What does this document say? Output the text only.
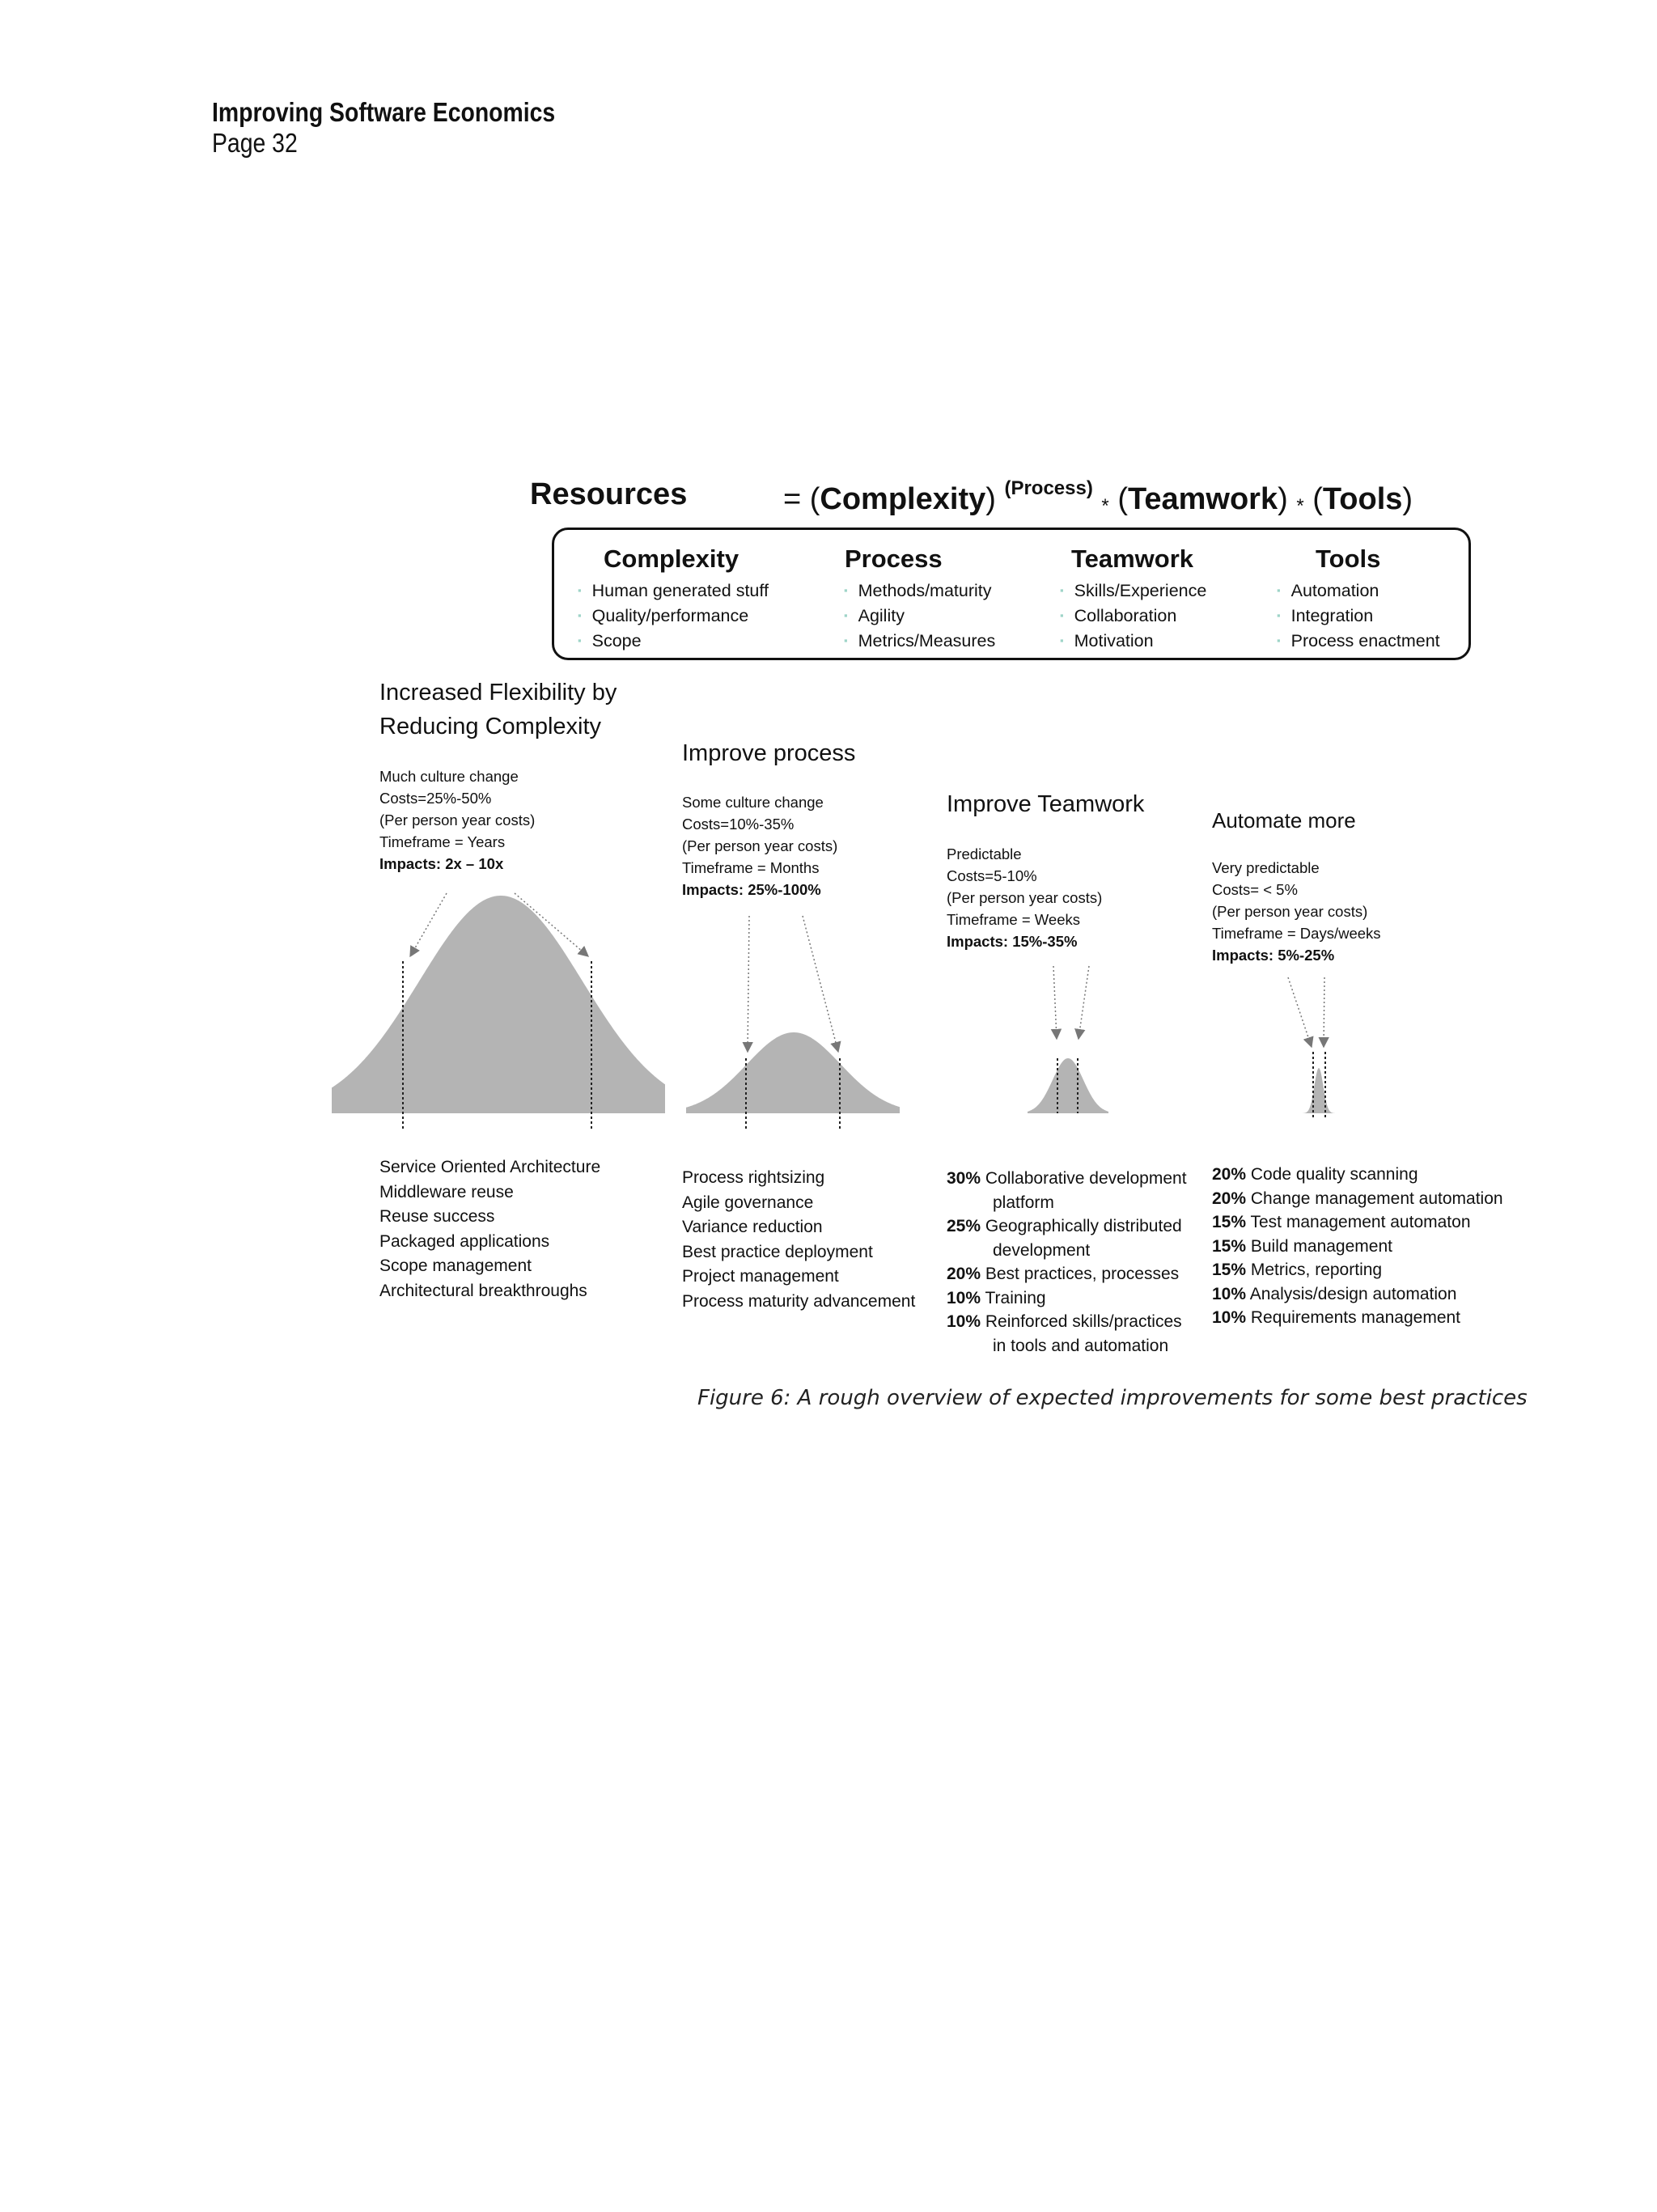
Improving Software Economics
Page 32
Resources	= (Complexity) $^{(Process)}$ * (Teamwork) * (Tools)
Complexity
▪ Human generated stuff
▪ Quality/performance
▪ Scope
Process
▪ Methods/maturity
▪ Agility
▪ Metrics/Measures
Teamwork
▪ Skills/Experience
▪ Collaboration
▪ Motivation
Tools
▪ Automation
▪ Integration
▪ Process enactment
Increased Flexibility by
Reducing Complexity
Much culture change
Costs=25%-50%
(Per person year costs)
Timeframe = Years
Impacts: 2x – 10x
Improve process
Some culture change
Costs=10%-35%
(Per person year costs)
Timeframe = Months
Impacts: 25%-100%
Improve Teamwork
Predictable
Costs=5-10%
(Per person year costs)
Timeframe = Weeks
Impacts: 15%-35%
Automate more
Very predictable
Costs= < 5%
(Per person year costs)
Timeframe = Days/weeks
Impacts: 5%-25%
Service Oriented Architecture
Middleware reuse
Reuse success
Packaged applications
Scope management
Architectural breakthroughs
Process rightsizing
Agile governance
Variance reduction
Best practice deployment
Project management
Process maturity advancement
30% Collaborative development
platform
25% Geographically distributed
development
20% Best practices, processes
10% Training
10% Reinforced skills/practices
in tools and automation
20% Code quality scanning
20% Change management automation
15% Test management automaton
15% Build management
15% Metrics, reporting
10% Analysis/design automation
10% Requirements management
Figure 6: A rough overview of expected improvements for some best practices
